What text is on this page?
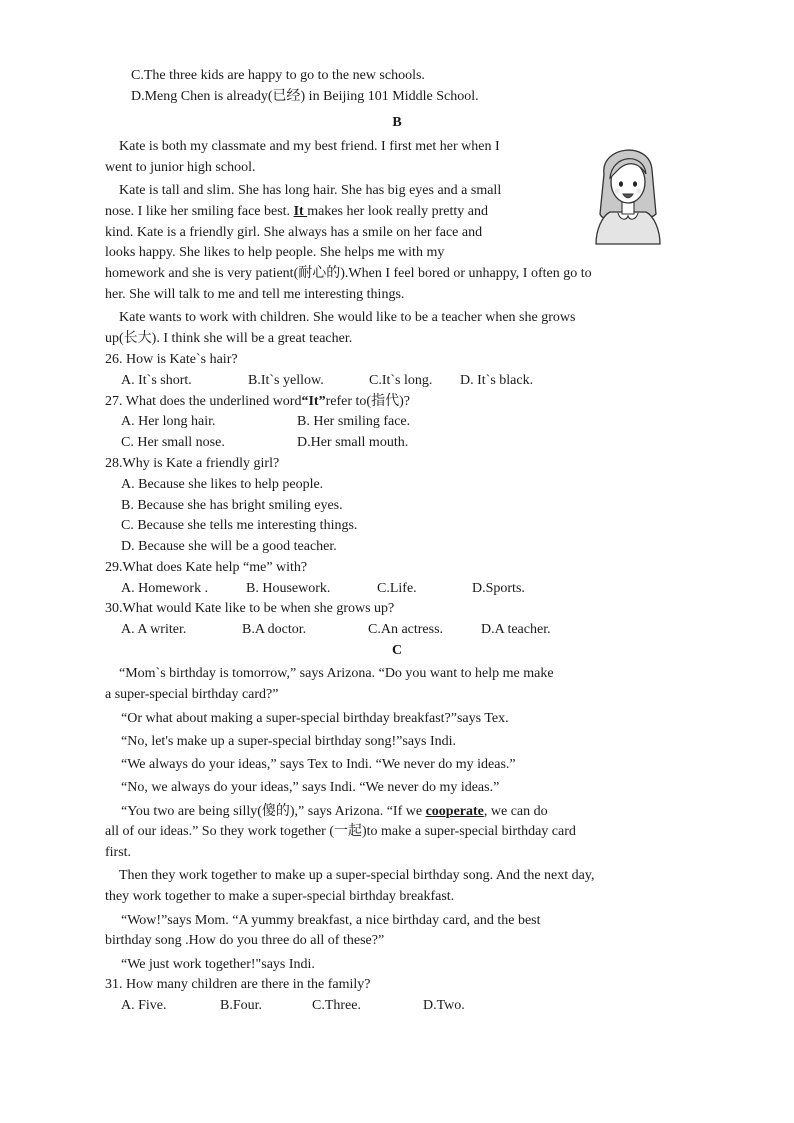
C.The three kids are happy to go to the new schools.
D.Meng Chen is already(已经) in Beijing 101 Middle School.
B
Kate is both my classmate and my best friend. I first met her when I
went to junior high school.
Kate is tall and slim. She has long hair. She has big eyes and a small
nose. I like her smiling face best. It makes her look really pretty and
kind. Kate is a friendly girl. She always has a smile on her face and
looks happy. She likes to help people. She helps me with my
homework and she is very patient(耐心的).When I feel bored or unhappy, I often go to
her. She will talk to me and tell me interesting things.
Kate wants to work with children. She would like to be a teacher when she grows
up(长大). I think she will be a great teacher.
26. How is Kate`s hair?
A. It`s short.	B.It`s yellow.	C.It`s long. D. It`s black.
27. What does the underlined word“It”refer to(指代)?
A. Her long hair.	B. Her smiling face.
C. Her small nose.	D.Her small mouth.
28.Why is Kate a friendly girl?
A. Because she likes to help people.
B. Because she has bright smiling eyes.
C. Because she tells me interesting things.
D. Because she will be a good teacher.
29.What does Kate help “me” with?
A. Homework .	B. Housework.	C.Life.	D.Sports.
30.What would Kate like to be when she grows up?
A. A writer.	B.A doctor.	C.An actress.	D.A teacher.
C
“Mom`s birthday is tomorrow,” says Arizona. “Do you want to help me make
a super-special birthday card?”
“Or what about making a super-special birthday breakfast?”says Tex.
“No, let's make up a super-special birthday song!”says Indi.
“We always do your ideas,” says Tex to Indi. “We never do my ideas.”
“No, we always do your ideas,” says Indi. “We never do my ideas.”
“You two are being silly(傻的),” says Arizona. “If we cooperate, we can do
all of our ideas.” So they work together (一起)to make a super-special birthday card
first.
Then they work together to make up a super-special birthday song. And the next day,
they work together to make a super-special birthday breakfast.
“Wow!”says Mom. “A yummy breakfast, a nice birthday card, and the best
birthday song .How do you three do all of these?”
“We just work together!"says Indi.
31. How many children are there in the family?
A. Five.	B.Four.	C.Three.	D.Two.
